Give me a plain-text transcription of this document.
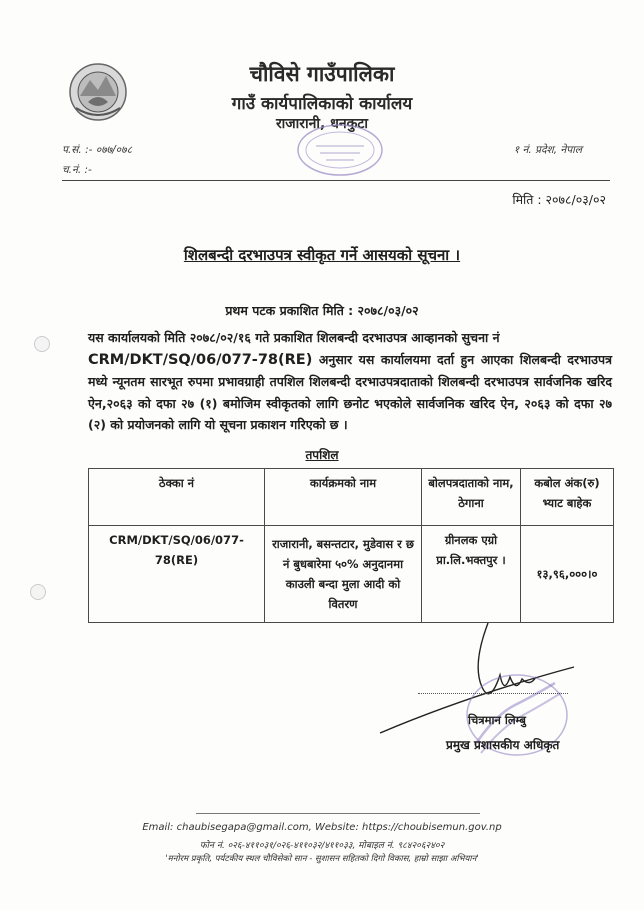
चौविसे गाउँपालिका
गाउँ कार्यपालिकाको कार्यालय
राजारानी, धनकुटा
प.सं. :- ०७७/०७८
च.नं. :-
१ नं. प्रदेश, नेपाल
मिति : २०७८/०३/०२
शिलबन्दी दरभाउपत्र स्वीकृत गर्ने आसयको सूचना ।
प्रथम पटक प्रकाशित मिति : २०७८/०३/०२
यस कार्यालयको मिति २०७८/०२/१६ गते प्रकाशित शिलबन्दी दरभाउपत्र आव्हानको सुचना नं
CRM/DKT/SQ/06/077-78(RE) अनुसार यस कार्यालयमा दर्ता हुन आएका शिलबन्दी दरभाउपत्र मध्ये न्यूनतम सारभूत रुपमा प्रभावग्राही तपशिल शिलबन्दी दरभाउपत्रदाताको शिलबन्दी दरभाउपत्र सार्वजनिक खरिद ऐन,२०६३ को दफा २७ (१) बमोजिम स्वीकृतको लागि छनोट भएकोले सार्वजनिक खरिद ऐन, २०६३ को दफा २७ (२) को प्रयोजनको लागि यो सूचना प्रकाशन गरिएको छ ।
तपशिल
ठेक्का नं	कार्यक्रमको नाम	बोलपत्रदाताको नाम, ठेगाना	कबोल अंक(रु) भ्याट बाहेक
CRM/DKT/SQ/06/077-78(RE)	राजारानी, बसन्तटार, मुडेवास र छ नं बुधबारेमा ५०% अनुदानमा काउली बन्दा मुला आदी को वितरण	ग्रीनलक एग्रो प्रा.लि.भक्तपुर ।	१३,९६,०००।०
चित्रमान लिम्बु
प्रमुख प्रशासकीय अधिकृत
Email: chaubisegapa@gmail.com, Website: https://choubisemun.gov.np
फोन नं. ०२६-४११०३१/०२६-४११०३२/४११०३३, मोबाइल नं. ९८४२०६२४०२
'मनोरम प्रकृति, पर्यटकीय स्थल चौविसेको सान - सुशासन सहितको दिगो विकास, हाम्रो साझा अभियान'
